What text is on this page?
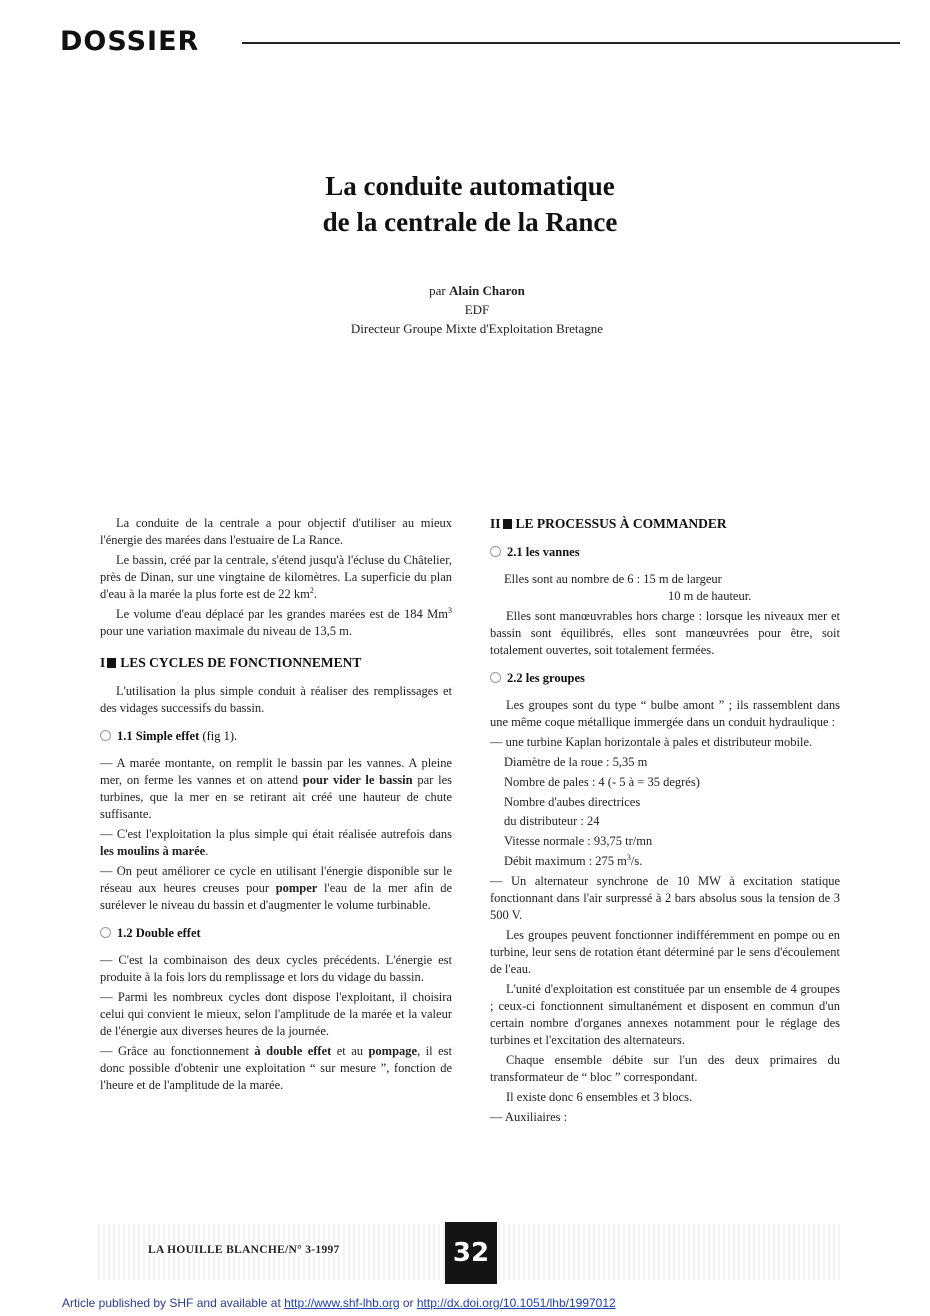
DOSSIER
La conduite automatique
de la centrale de la Rance
par Alain Charon
EDF
Directeur Groupe Mixte d'Exploitation Bretagne

La conduite de la centrale a pour objectif d'utiliser au mieux l'énergie des marées dans l'estuaire de La Rance.

Le bassin, créé par la centrale, s'étend jusqu'à l'écluse du Châtelier, près de Dinan, sur une vingtaine de kilomètres. La superficie du plan d'eau à la marée la plus forte est de 22 $km^2$.

Le volume d'eau déplacé par les grandes marées est de 184 Mm$^3$ pour une variation maximale du niveau de 13,5 m.

I LES CYCLES DE FONCTIONNEMENT

L'utilisation la plus simple conduit à réaliser des remplissages et des vidages successifs du bassin.

1.1 Simple effet (fig 1).

— A marée montante, on remplit le bassin par les vannes. A pleine mer, on ferme les vannes et on attend pour vider le bassin par les turbines, que la mer en se retirant ait créé une hauteur de chute suffisante.

— C'est l'exploitation la plus simple qui était réalisée autrefois dans les moulins à marée.

— On peut améliorer ce cycle en utilisant l'énergie disponible sur le réseau aux heures creuses pour pomper l'eau de la mer afin de surélever le niveau du bassin et d'augmenter le volume turbinable.

1.2 Double effet

— C'est la combinaison des deux cycles précédents. L'énergie est produite à la fois lors du remplissage et lors du vidage du bassin.

— Parmi les nombreux cycles dont dispose l'exploitant, il choisira celui qui convient le mieux, selon l'amplitude de la marée et la valeur de l'énergie aux diverses heures de la journée.

— Grâce au fonctionnement à double effet et au pompage, il est donc possible d'obtenir une exploitation “ sur mesure ”, fonction de l'heure et de l'amplitude de la marée.

II LE PROCESSUS À COMMANDER
2.1 les vannes

Elles sont au nombre de 6 : 15 m de largeur

10 m de hauteur.

Elles sont manœuvrables hors charge : lorsque les niveaux mer et bassin sont équilibrés, elles sont manœuvrées pour être, soit totalement ouvertes, soit totalement fermées.

2.2 les groupes

Les groupes sont du type “ bulbe amont ” ; ils rassemblent dans une même coque métallique immergée dans un conduit hydraulique :

— une turbine Kaplan horizontale à pales et distributeur mobile.

Diamètre de la roue : 5,35 m

Nombre de pales : 4 (- 5 à = 35 degrés)

Nombre d'aubes directrices

du distributeur : 24

Vitesse normale : 93,75 tr/mn

Débit maximum : 275 $m^3/s$.

— Un alternateur synchrone de 10 MW à excitation statique fonctionnant dans l'air surpressé à 2 bars absolus sous la tension de 3 500 V.

Les groupes peuvent fonctionner indifféremment en pompe ou en turbine, leur sens de rotation étant déterminé par le sens d'écoulement de l'eau.

L'unité d'exploitation est constituée par un ensemble de 4 groupes ; ceux-ci fonctionnent simultanément et disposent en commun d'un certain nombre d'organes annexes notamment pour le réglage des turbines et l'excitation des alternateurs.

Chaque ensemble débite sur l'un des deux primaires du transformateur de “ bloc ” correspondant.

Il existe donc 6 ensembles et 3 blocs.

— Auxiliaires :

LA HOUILLE BLANCHE/N° 3-1997	32
Article published by SHF and available at http://www.shf-lhb.org or http://dx.doi.org/10.1051/lhb/1997012
